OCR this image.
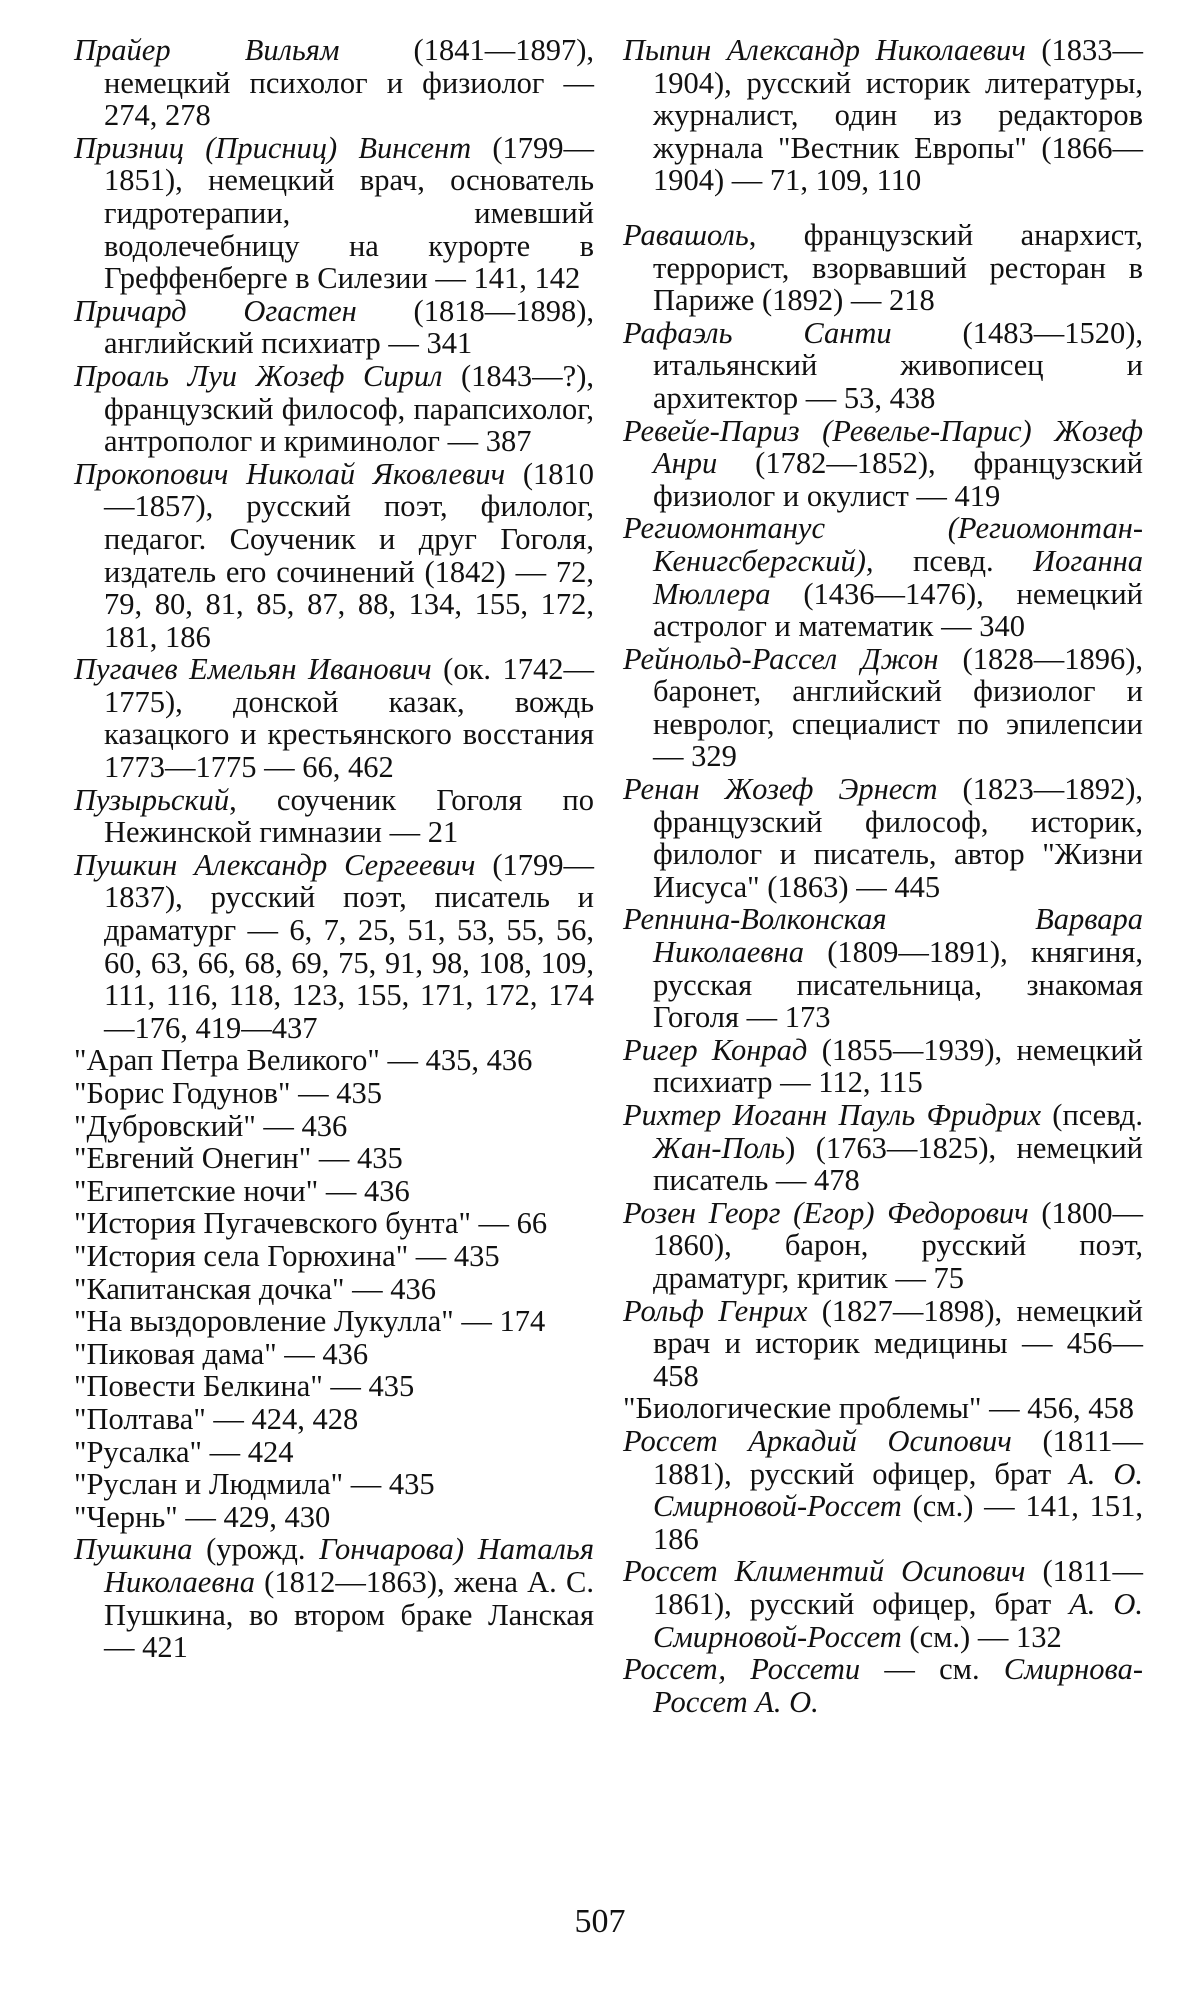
Прайер Вильям (1841—1897), немецкий психолог и физиолог — 274, 278

Призниц (Присниц) Винсент (1799—1851), немецкий врач, основатель гидротерапии, имевший водолечебницу на курорте в Греффенберге в Силезии — 141, 142

Причард Огастен (1818—1898), английский психиатр — 341

Проаль Луи Жозеф Сирил (1843—?), французский философ, парапсихолог, антрополог и криминолог — 387

Прокопович Николай Яковлевич (1810—1857), русский поэт, филолог, педагог. Соученик и друг Гоголя, издатель его сочинений (1842) — 72, 79, 80, 81, 85, 87, 88, 134, 155, 172, 181, 186

Пугачев Емельян Иванович (ок. 1742—1775), донской казак, вождь казацкого и крестьянского восстания 1773—1775 — 66, 462

Пузырьский, соученик Гоголя по Нежинской гимназии — 21

Пушкин Александр Сергеевич (1799—1837), русский поэт, писатель и драматург — 6, 7, 25, 51, 53, 55, 56, 60, 63, 66, 68, 69, 75, 91, 98, 108, 109, 111, 116, 118, 123, 155, 171, 172, 174—176, 419—437

"Арап Петра Великого" — 435, 436

"Борис Годунов" — 435

"Дубровский" — 436

"Евгений Онегин" — 435

"Египетские ночи" — 436

"История Пугачевского бунта" — 66

"История села Горюхина" — 435

"Капитанская дочка" — 436

"На выздоровление Лукулла" — 174

"Пиковая дама" — 436

"Повести Белкина" — 435

"Полтава" — 424, 428

"Русалка" — 424

"Руслан и Людмила" — 435

"Чернь" — 429, 430

Пушкина (урожд. Гончарова) Наталья Николаевна (1812—1863), жена А. С. Пушкина, во втором браке Ланская — 421

Пыпин Александр Николаевич (1833—1904), русский историк литературы, журналист, один из редакторов журнала "Вестник Европы" (1866—1904) — 71, 109, 110

Равашоль, французский анархист, террорист, взорвавший ресторан в Париже (1892) — 218

Рафаэль Санти (1483—1520), итальянский живописец и архитектор — 53, 438

Ревейе-Париз (Ревелье-Парис) Жозеф Анри (1782—1852), французский физиолог и окулист — 419

Региомонтанус (Региомонтан-Кенигсбергский), псевд. Иоганна Мюллера (1436—1476), немецкий астролог и математик — 340

Рейнольд-Рассел Джон (1828—1896), баронет, английский физиолог и невролог, специалист по эпилепсии — 329

Ренан Жозеф Эрнест (1823—1892), французский философ, историк, филолог и писатель, автор "Жизни Иисуса" (1863) — 445

Репнина-Волконская Варвара Николаевна (1809—1891), княгиня, русская писательница, знакомая Гоголя — 173

Ригер Конрад (1855—1939), немецкий психиатр — 112, 115

Рихтер Иоганн Пауль Фридрих (псевд. Жан-Поль) (1763—1825), немецкий писатель — 478

Розен Георг (Егор) Федорович (1800—1860), барон, русский поэт, драматург, критик — 75

Рольф Генрих (1827—1898), немецкий врач и историк медицины — 456—458

"Биологические проблемы" — 456, 458

Россет Аркадий Осипович (1811—1881), русский офицер, брат А. О. Смирновой-Россет (см.) — 141, 151, 186

Россет Климентий Осипович (1811—1861), русский офицер, брат А. О. Смирновой-Россет (см.) — 132

Россет, Россети — см. Смирнова-Россет А. О.

507
